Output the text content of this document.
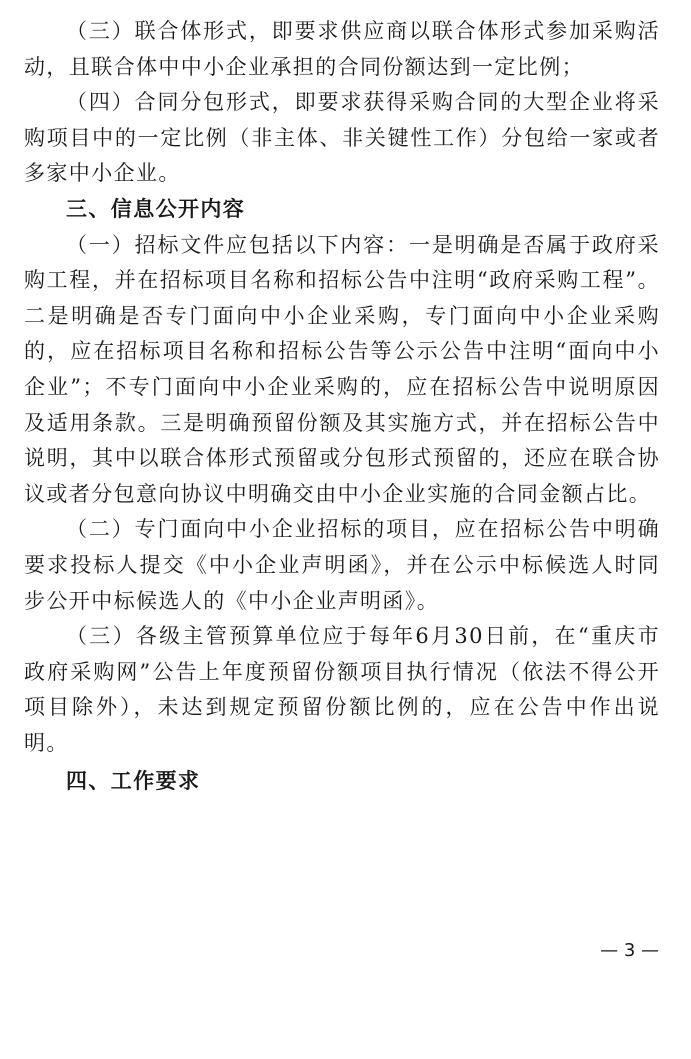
（三）联合体形式，即要求供应商以联合体形式参加采购活动，且联合体中中小企业承担的合同份额达到一定比例；

（四）合同分包形式，即要求获得采购合同的大型企业将采购项目中的一定比例（非主体、非关键性工作）分包给一家或者多家中小企业。

三、信息公开内容

（一）招标文件应包括以下内容：一是明确是否属于政府采购工程，并在招标项目名称和招标公告中注明“政府采购工程”。二是明确是否专门面向中小企业采购，专门面向中小企业采购的，应在招标项目名称和招标公告等公示公告中注明“面向中小企业”；不专门面向中小企业采购的，应在招标公告中说明原因及适用条款。三是明确预留份额及其实施方式，并在招标公告中说明，其中以联合体形式预留或分包形式预留的，还应在联合协议或者分包意向协议中明确交由中小企业实施的合同金额占比。

（二）专门面向中小企业招标的项目，应在招标公告中明确要求投标人提交《中小企业声明函》，并在公示中标候选人时同步公开中标候选人的《中小企业声明函》。

（三）各级主管预算单位应于每年6月30日前，在“重庆市政府采购网”公告上年度预留份额项目执行情况（依法不得公开项目除外），未达到规定预留份额比例的，应在公告中作出说明。

四、工作要求

— 3 —
